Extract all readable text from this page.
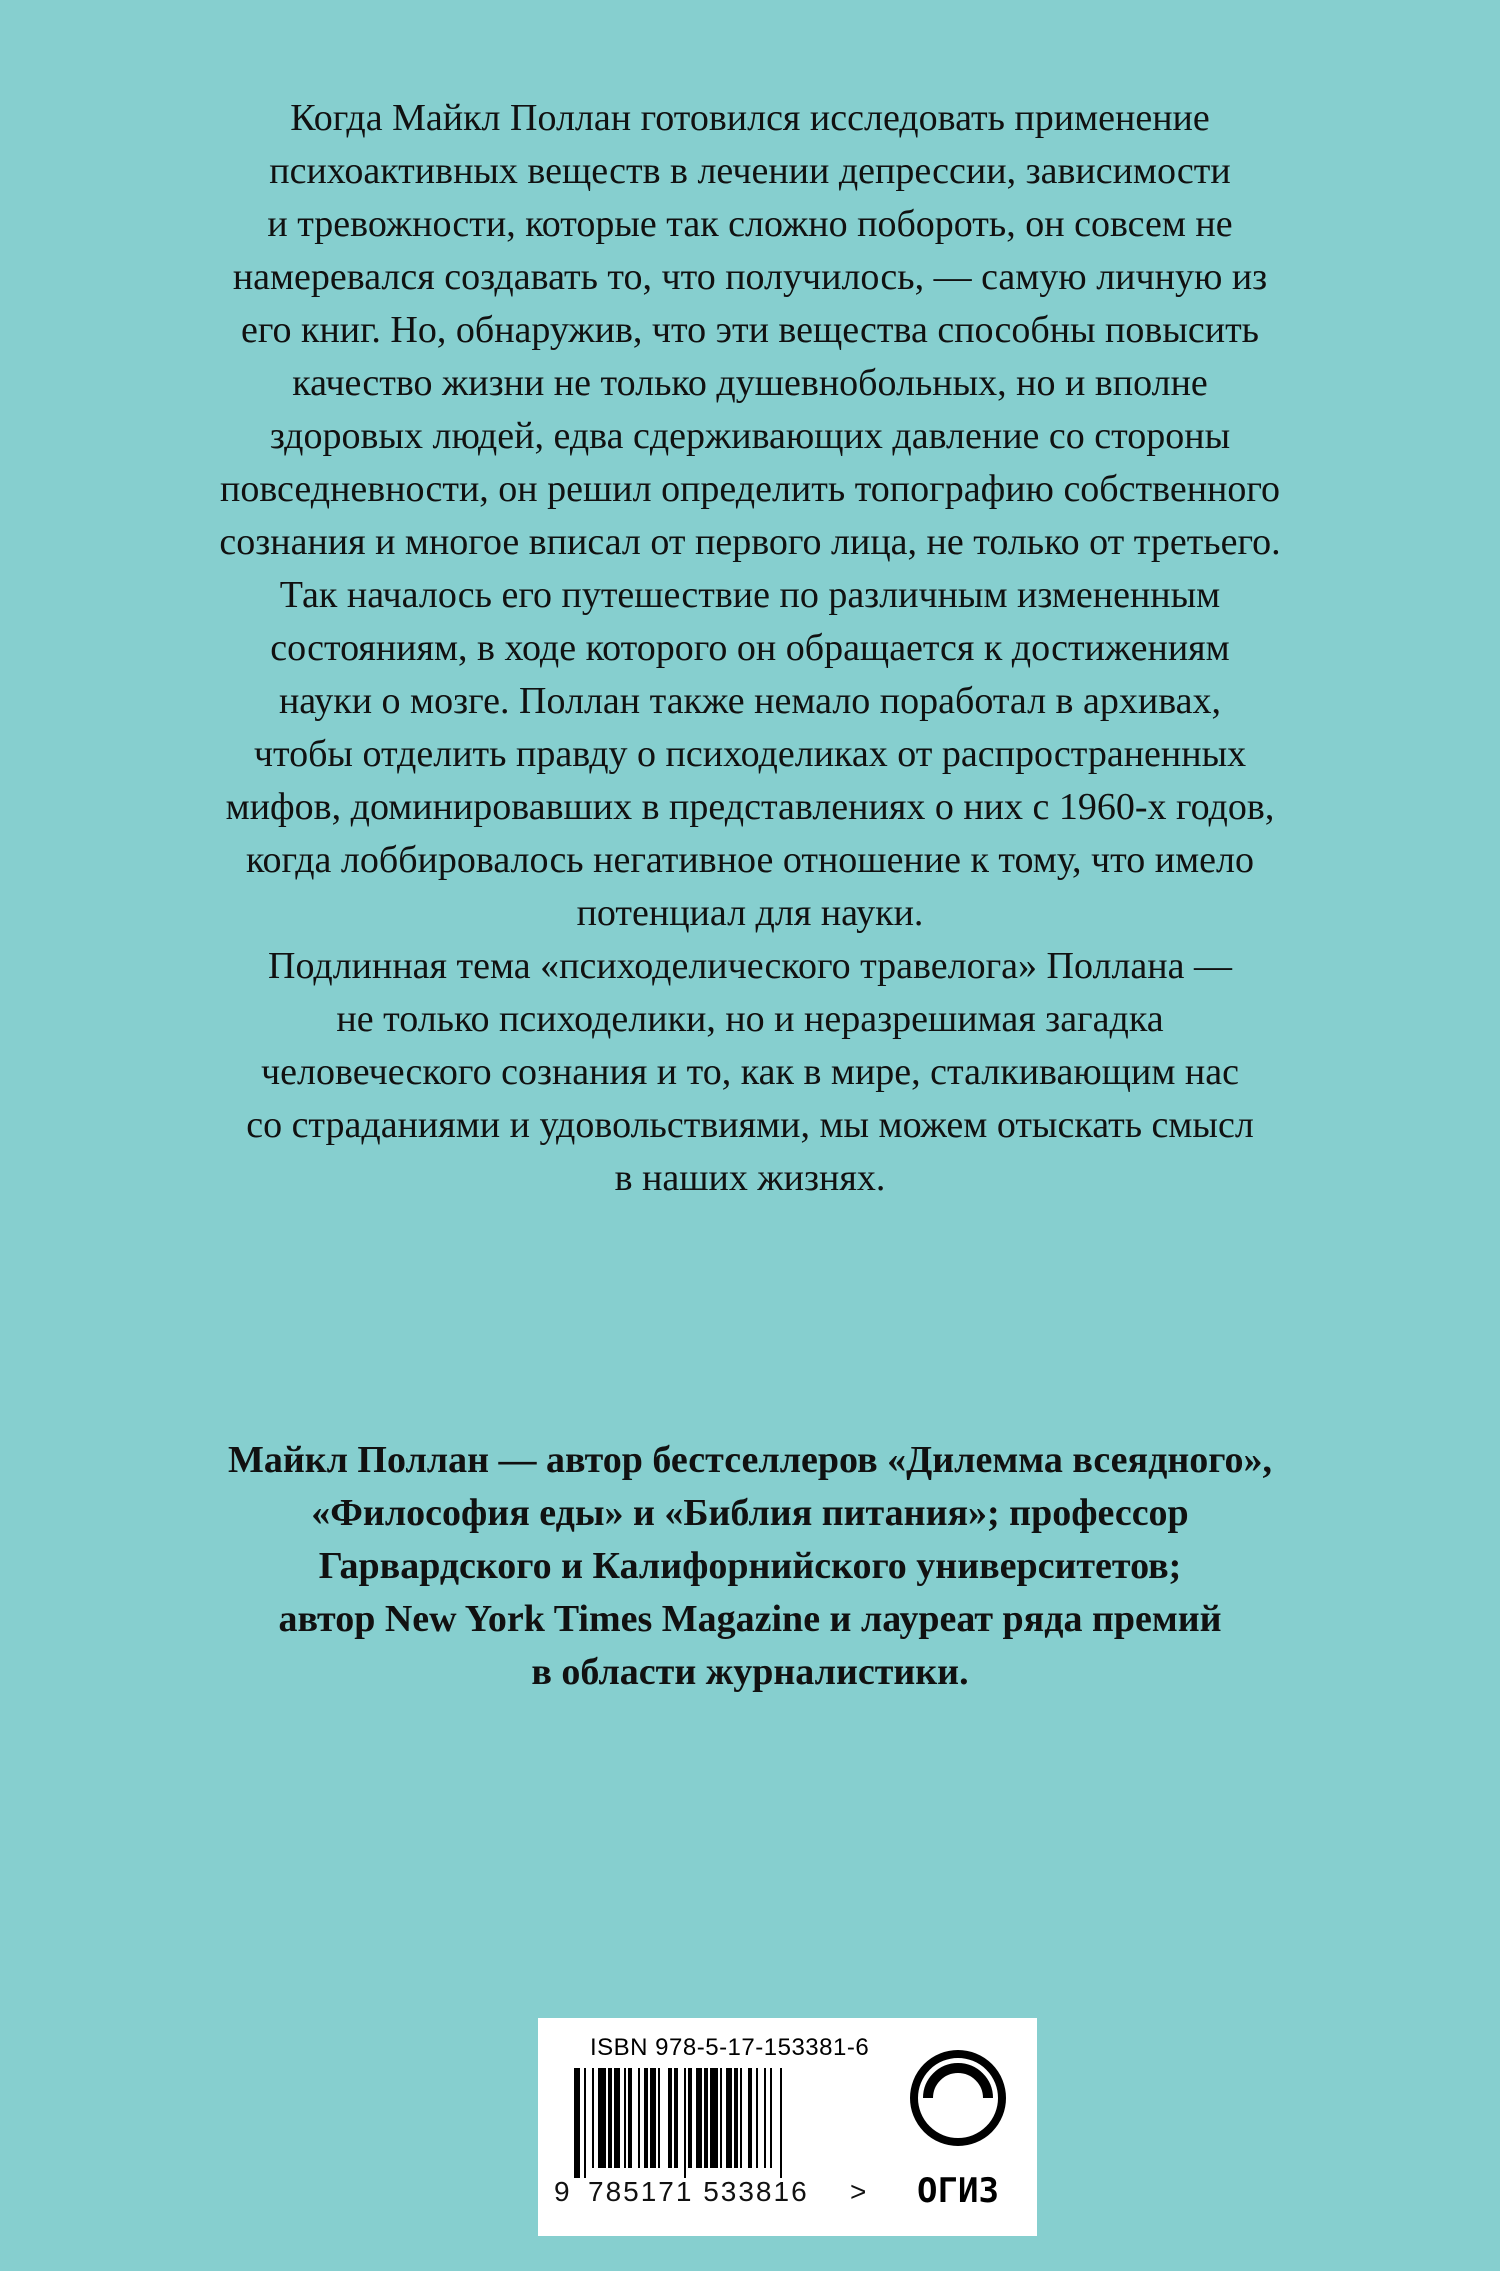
Когда Майкл Поллан готовился исследовать применение
психоактивных веществ в лечении депрессии, зависимости
и тревожности, которые так сложно побороть, он совсем не
намеревался создавать то, что получилось, — самую личную из
его книг. Но, обнаружив, что эти вещества способны повысить
качество жизни не только душевнобольных, но и вполне
здоровых людей, едва сдерживающих давление со стороны
повседневности, он решил определить топографию собственного
сознания и многое вписал от первого лица, не только от третьего.
Так началось его путешествие по различным измененным
состояниям, в ходе которого он обращается к достижениям
науки о мозге. Поллан также немало поработал в архивах,
чтобы отделить правду о психоделиках от распространенных
мифов, доминировавших в представлениях о них с 1960-х годов,
когда лоббировалось негативное отношение к тому, что имело
потенциал для науки.
Подлинная тема «психоделического травелога» Поллана —
не только психоделики, но и неразрешимая загадка
человеческого сознания и то, как в мире, сталкивающим нас
со страданиями и удовольствиями, мы можем отыскать смысл
в наших жизнях.
Майкл Поллан — автор бестселлеров «Дилемма всеядного»,
«Философия еды» и «Библия питания»; профессор
Гарвардского и Калифорнийского университетов;
автор New York Times Magazine и лауреат ряда премий
в области журналистики.
ISBN 978-5-17-153381-6
9 785171 533816 > ОГИЗ
